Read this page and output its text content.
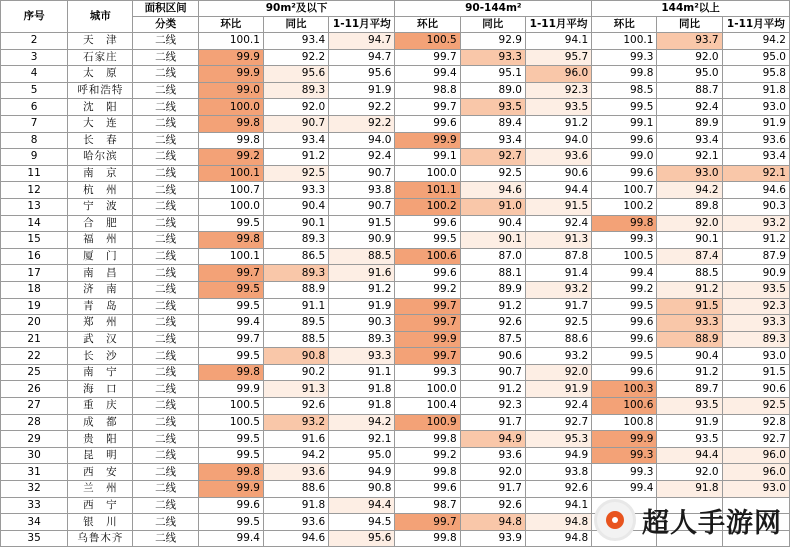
序号	城市	面积区间	90m²及以下			90-144m²			144m²以上		
		分类	环比	同比	1-11月平均	环比	同比	1-11月平均	环比	同比	1-11月平均
2	天　津	二线	100.1	93.4	94.7	100.5	92.9	94.1	100.1	93.7	94.2
3	石家庄	二线	99.9	92.2	94.7	99.7	93.3	95.7	99.3	92.0	95.0
4	太　原	二线	99.9	95.6	95.6	99.4	95.1	96.0	99.8	95.0	95.8
5	呼和浩特	二线	99.0	89.3	91.9	98.8	89.0	92.3	98.5	88.7	91.8
6	沈　阳	二线	100.0	92.0	92.2	99.7	93.5	93.5	99.5	92.4	93.0
7	大　连	二线	99.8	90.7	92.2	99.6	89.4	91.2	99.1	89.9	91.9
8	长　春	二线	99.8	93.4	94.0	99.9	93.4	94.0	99.6	93.4	93.6
9	哈尔滨	二线	99.2	91.2	92.4	99.1	92.7	93.6	99.0	92.1	93.4
11	南　京	二线	100.1	92.5	90.7	100.0	92.5	90.6	99.6	93.0	92.1
12	杭　州	二线	100.7	93.3	93.8	101.1	94.6	94.4	100.7	94.2	94.6
13	宁　波	二线	100.0	90.4	90.7	100.2	91.0	91.5	100.2	89.8	90.3
14	合　肥	二线	99.5	90.1	91.5	99.6	90.4	92.4	99.8	92.0	93.2
15	福　州	二线	99.8	89.3	90.9	99.5	90.1	91.3	99.3	90.1	91.2
16	厦　门	二线	100.1	86.5	88.5	100.6	87.0	87.8	100.5	87.4	87.9
17	南　昌	二线	99.7	89.3	91.6	99.6	88.1	91.4	99.4	88.5	90.9
18	济　南	二线	99.5	88.9	91.2	99.2	89.9	93.2	99.2	91.2	93.5
19	青　岛	二线	99.5	91.1	91.9	99.7	91.2	91.7	99.5	91.5	92.3
20	郑　州	二线	99.4	89.5	90.3	99.7	92.6	92.5	99.6	93.3	93.3
21	武　汉	二线	99.7	88.5	89.3	99.9	87.5	88.6	99.6	88.9	89.3
22	长　沙	二线	99.5	90.8	93.3	99.7	90.6	93.2	99.5	90.4	93.0
25	南　宁	二线	99.8	90.2	91.1	99.3	90.7	92.0	99.6	91.2	91.5
26	海　口	二线	99.9	91.3	91.8	100.0	91.2	91.9	100.3	89.7	90.6
27	重　庆	二线	100.5	92.6	91.8	100.4	92.3	92.4	100.6	93.5	92.5
28	成　都	二线	100.5	93.2	94.2	100.9	91.7	92.7	100.8	91.9	92.8
29	贵　阳	二线	99.5	91.6	92.1	99.8	94.9	95.3	99.9	93.5	92.7
30	昆　明	二线	99.5	94.2	95.0	99.2	93.6	94.9	99.3	94.4	96.0
31	西　安	二线	99.8	93.6	94.9	99.8	92.0	93.8	99.3	92.0	96.0
32	兰　州	二线	99.9	88.6	90.8	99.6	91.7	92.6	99.4	91.8	93.0
33	西　宁	二线	99.6	91.8	94.4	98.7	92.6	94.1			
34	银　川	二线	99.5	93.6	94.5	99.7	94.8	94.8			
35	乌鲁木齐	二线	99.4	94.6	95.6	99.8	93.9	94.8			超人手游网
